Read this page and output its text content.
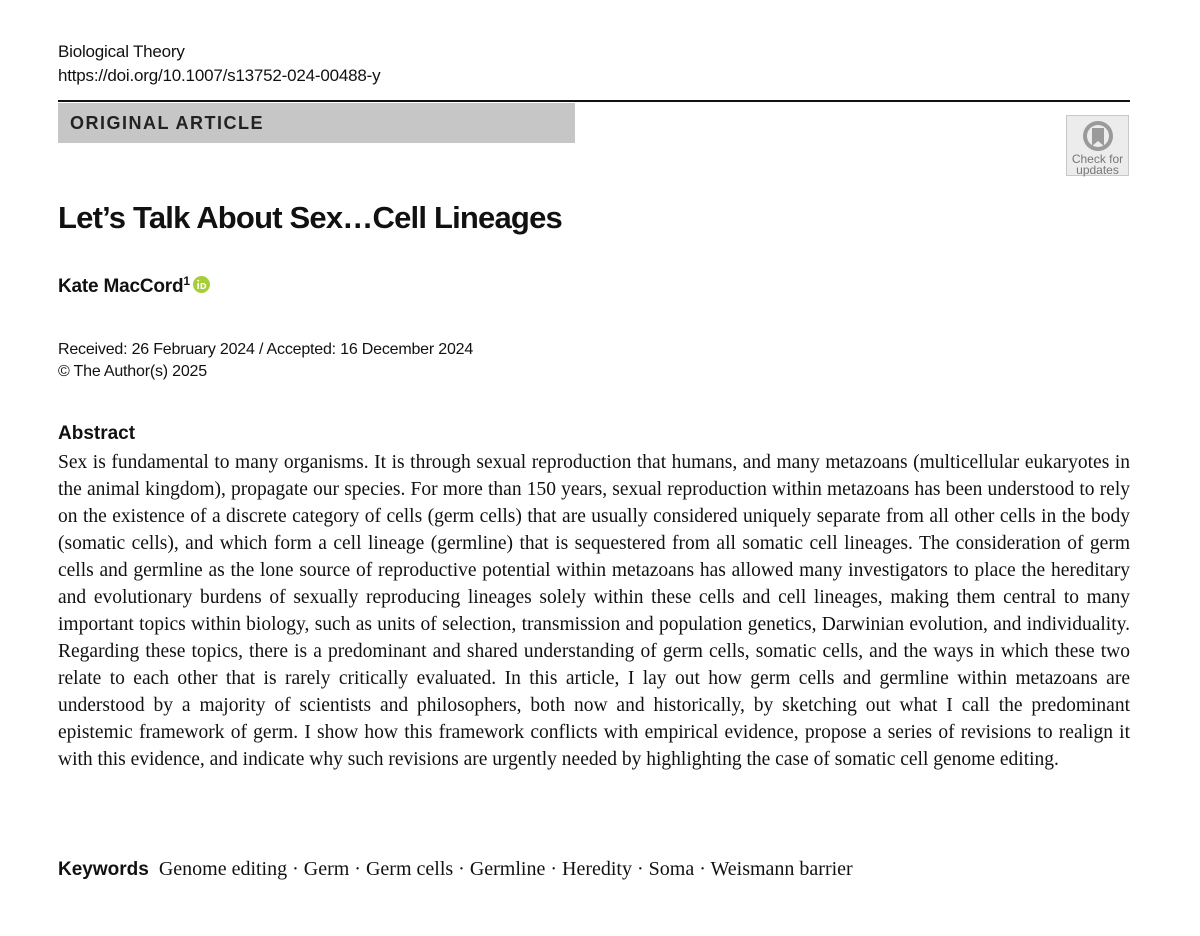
Biological Theory
https://doi.org/10.1007/s13752-024-00488-y
ORIGINAL ARTICLE
Check for
updates
Let’s Talk About Sex…Cell Lineages
Kate MacCord$^1$
Received: 26 February 2024 / Accepted: 16 December 2024
© The Author(s) 2025
Abstract

Sex is fundamental to many organisms. It is through sexual reproduction that humans, and many metazoans (multicellular eukaryotes in the animal kingdom), propagate our species. For more than 150 years, sexual reproduction within metazoans has been understood to rely on the existence of a discrete category of cells (germ cells) that are usually considered uniquely separate from all other cells in the body (somatic cells), and which form a cell lineage (germline) that is sequestered from all somatic cell lineages. The consideration of germ cells and germline as the lone source of reproductive potential within metazoans has allowed many investigators to place the hereditary and evolutionary burdens of sexually reproducing lineages solely within these cells and cell lineages, making them central to many important topics within biology, such as units of selection, transmission and population genetics, Darwinian evolution, and individuality. Regarding these topics, there is a predominant and shared understanding of germ cells, somatic cells, and the ways in which these two relate to each other that is rarely critically evaluated. In this article, I lay out how germ cells and germline within metazoans are understood by a majority of scientists and philosophers, both now and historically, by sketching out what I call the predominant epistemic framework of germ. I show how this framework conflicts with empirical evidence, propose a series of revisions to realign it with this evidence, and indicate why such revisions are urgently needed by highlighting the case of somatic cell genome editing.

Keywords Genome editing · Germ · Germ cells · Germline · Heredity · Soma · Weismann barrier
